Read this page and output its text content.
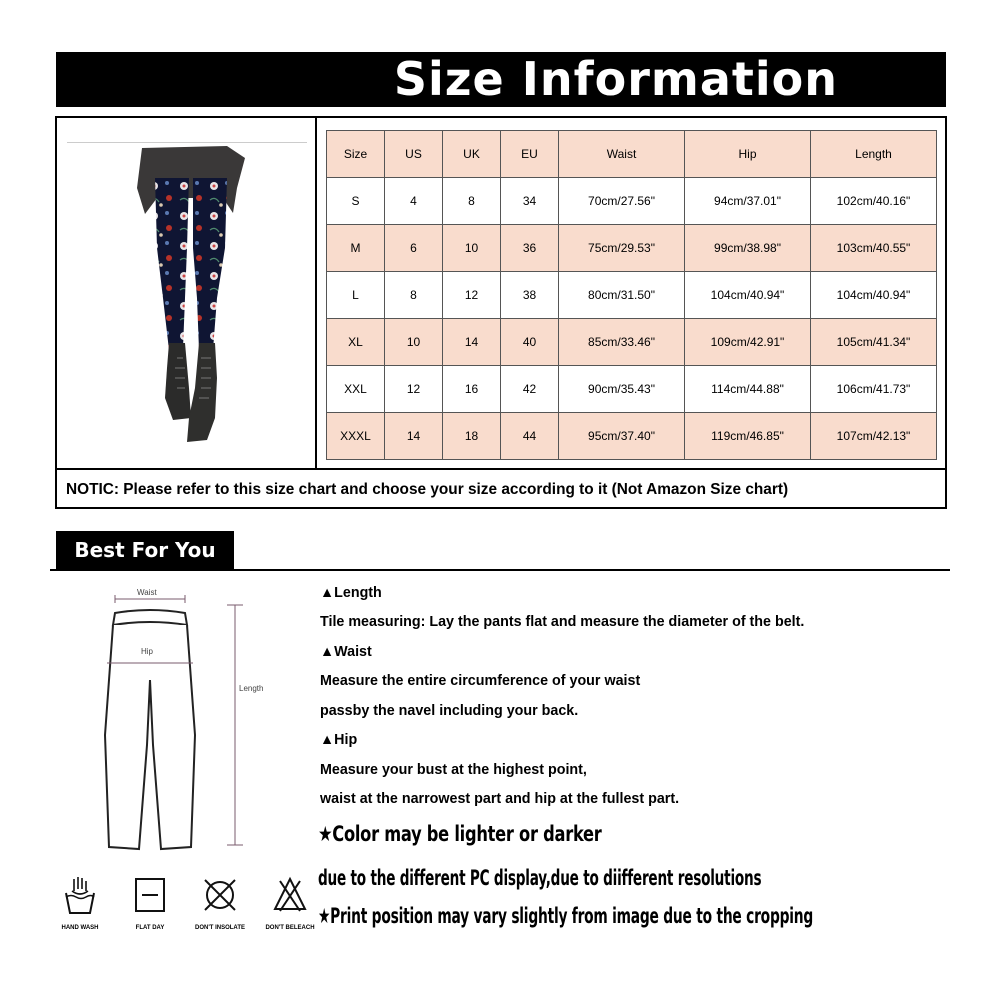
Size Information
Size	US	UK	EU	Waist	Hip	Length
S	4	8	34	70cm/27.56"	94cm/37.01"	102cm/40.16"
M	6	10	36	75cm/29.53"	99cm/38.98"	103cm/40.55"
L	8	12	38	80cm/31.50"	104cm/40.94"	104cm/40.94"
XL	10	14	40	85cm/33.46"	109cm/42.91"	105cm/41.34"
XXL	12	16	42	90cm/35.43"	114cm/44.88"	106cm/41.73"
XXXL	14	18	44	95cm/37.40"	119cm/46.85"	107cm/42.13"
NOTIC: Please refer to this size chart and choose your size according to it (Not Amazon Size chart)
Best For You
Waist
Hip
Length
HAND WASH	FLAT DAY	DON'T INSOLATE	DON'T BELEACH
▲Length
Tile measuring: Lay the pants flat and measure the diameter of the belt.
▲Waist
Measure the entire circumference of your waist
passby the navel including your back.
▲Hip
Measure your bust at the highest point,
waist at the narrowest part and hip at the fullest part.
★Color may be lighter or darker
due to the different PC display,due to diifferent resolutions
★Print position may vary slightly from image due to the cropping
